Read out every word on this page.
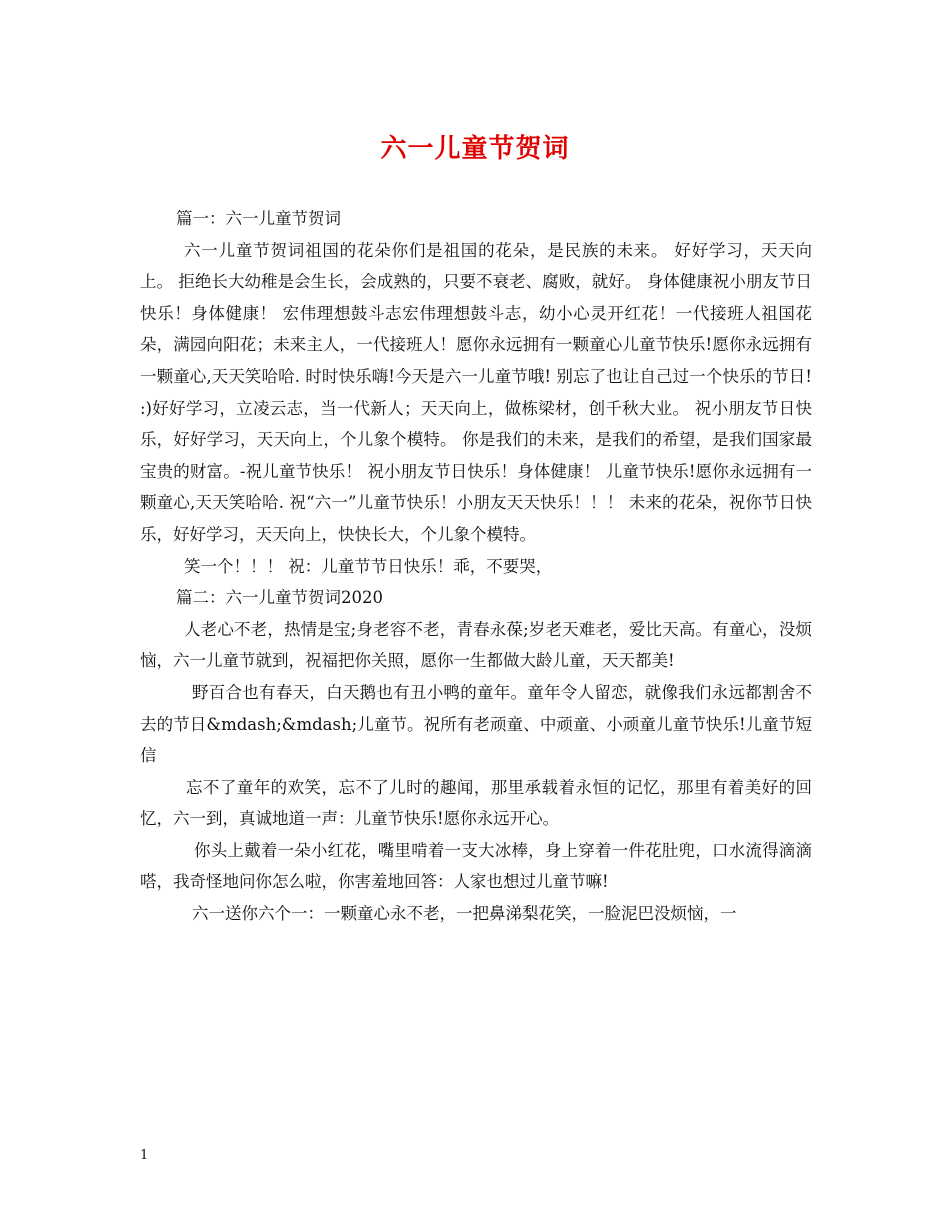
六一儿童节贺词

篇一：六一儿童节贺词

六一儿童节贺词祖国的花朵你们是祖国的花朵，是民族的未来。 好好学习，天天向上。 拒绝长大幼稚是会生长，会成熟的，只要不衰老、腐败，就好。 身体健康祝小朋友节日快乐！身体健康！ 宏伟理想鼓斗志宏伟理想鼓斗志，幼小心灵开红花！一代接班人祖国花朵，满园向阳花；未来主人，一代接班人！愿你永远拥有一颗童心儿童节快乐!愿你永远拥有一颗童心,天天笑哈哈. 时时快乐嗨!今天是六一儿童节哦! 别忘了也让自己过一个快乐的节日! :)好好学习，立凌云志，当一代新人；天天向上，做栋梁材，创千秋大业。 祝小朋友节日快乐，好好学习，天天向上，个儿象个模特。 你是我们的未来，是我们的希望，是我们国家最宝贵的财富。-祝儿童节快乐！ 祝小朋友节日快乐！身体健康！ 儿童节快乐!愿你永远拥有一颗童心,天天笑哈哈. 祝“六一”儿童节快乐！小朋友天天快乐！！！ 未来的花朵，祝你节日快乐，好好学习，天天向上，快快长大，个儿象个模特。

笑一个！！！ 祝：儿童节节日快乐！乖，不要哭，

篇二：六一儿童节贺词2020

人老心不老，热情是宝;身老容不老，青春永葆;岁老天难老，爱比天高。有童心，没烦恼，六一儿童节就到，祝福把你关照，愿你一生都做大龄儿童，天天都美!

野百合也有春天，白天鹅也有丑小鸭的童年。童年令人留恋，就像我们永远都割舍不去的节日&mdash;&mdash;儿童节。祝所有老顽童、中顽童、小顽童儿童节快乐!儿童节短信

忘不了童年的欢笑，忘不了儿时的趣闻，那里承载着永恒的记忆，那里有着美好的回忆，六一到，真诚地道一声：儿童节快乐!愿你永远开心。

你头上戴着一朵小红花，嘴里啃着一支大冰棒，身上穿着一件花肚兜，口水流得滴滴嗒，我奇怪地问你怎么啦，你害羞地回答：人家也想过儿童节嘛!

六一送你六个一：一颗童心永不老，一把鼻涕梨花笑，一脸泥巴没烦恼，一

1
